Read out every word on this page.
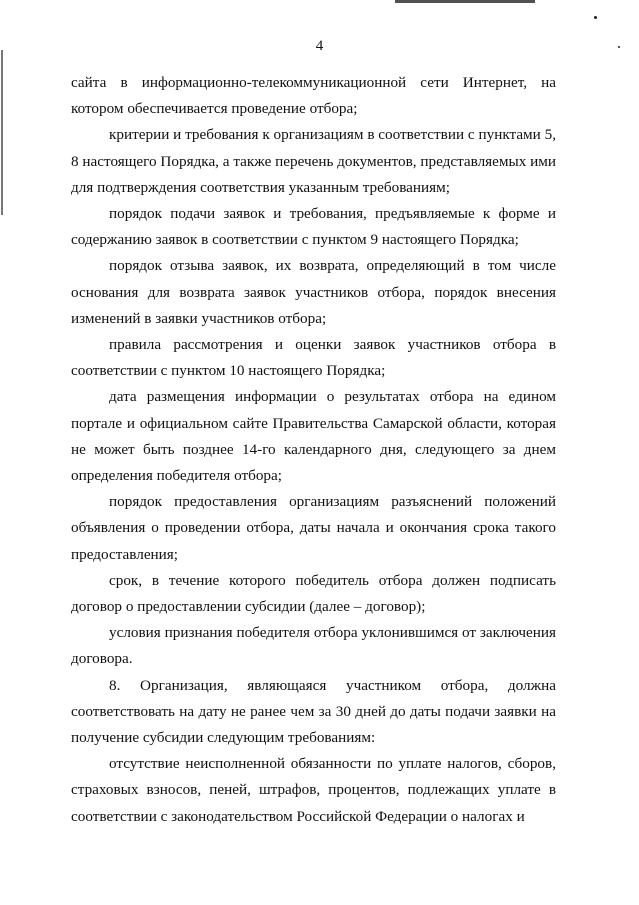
4

сайта в информационно-телекоммуникационной сети Интернет, на котором обеспечивается проведение отбора;

критерии и требования к организациям в соответствии с пунктами 5, 8 настоящего Порядка, а также перечень документов, представляемых ими для подтверждения соответствия указанным требованиям;

порядок подачи заявок и требования, предъявляемые к форме и содержанию заявок в соответствии с пунктом 9 настоящего Порядка;

порядок отзыва заявок, их возврата, определяющий в том числе основания для возврата заявок участников отбора, порядок внесения изменений в заявки участников отбора;

правила рассмотрения и оценки заявок участников отбора в соответствии с пунктом 10 настоящего Порядка;

дата размещения информации о результатах отбора на едином портале и официальном сайте Правительства Самарской области, которая не может быть позднее 14-го календарного дня, следующего за днем определения победителя отбора;

порядок предоставления организациям разъяснений положений объявления о проведении отбора, даты начала и окончания срока такого предоставления;

срок, в течение которого победитель отбора должен подписать договор о предоставлении субсидии (далее – договор);

условия признания победителя отбора уклонившимся от заключения договора.

8. Организация, являющаяся участником отбора, должна соответствовать на дату не ранее чем за 30 дней до даты подачи заявки на получение субсидии следующим требованиям:

отсутствие неисполненной обязанности по уплате налогов, сборов, страховых взносов, пеней, штрафов, процентов, подлежащих уплате в соответствии с законодательством Российской Федерации о налогах и
